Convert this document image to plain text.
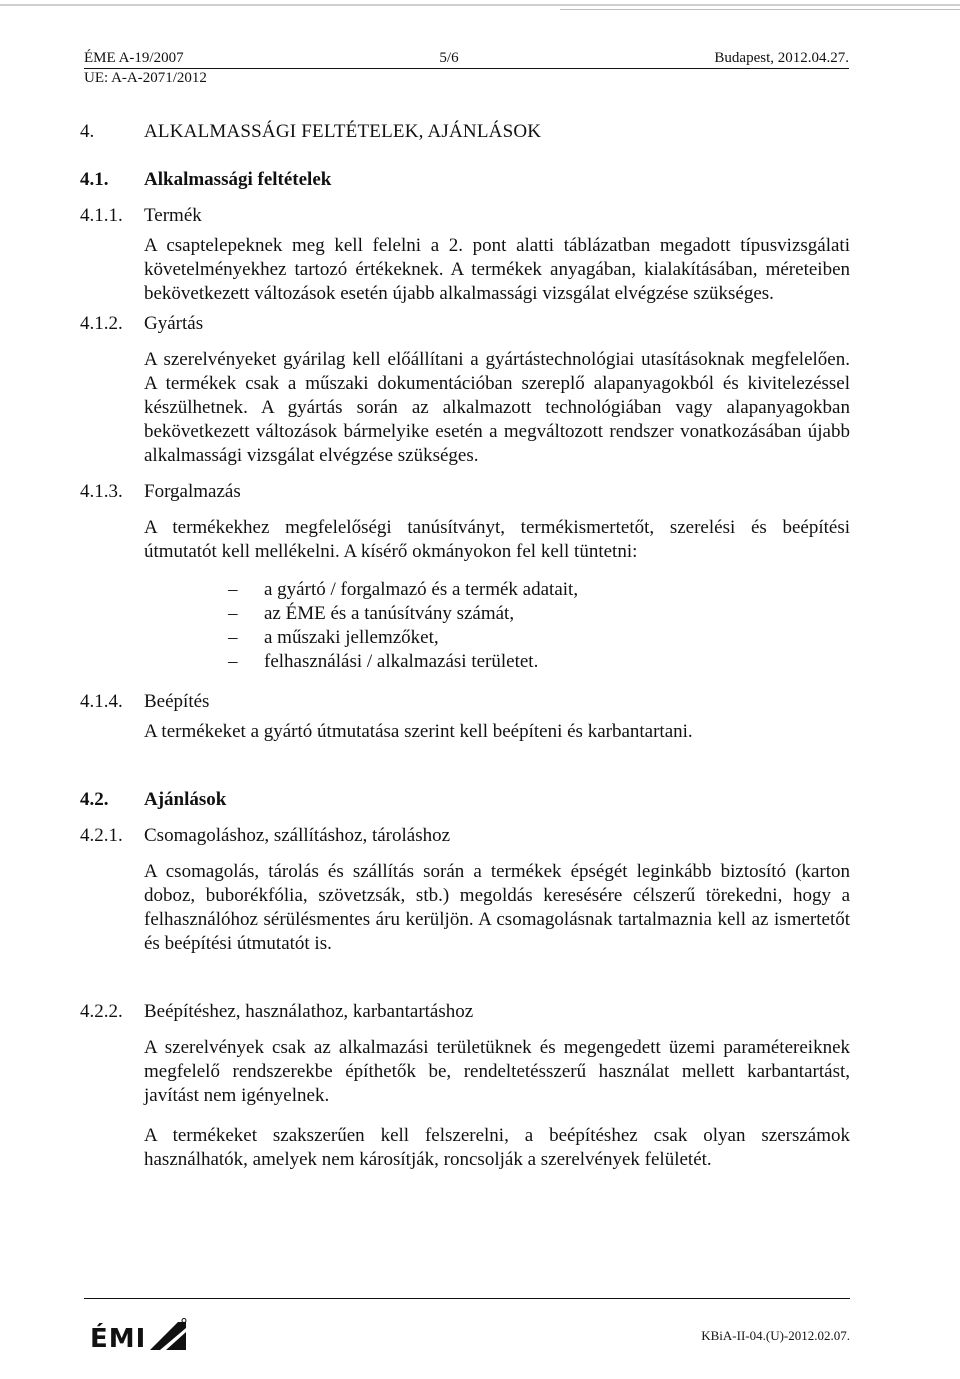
ÉME A-19/2007	5/6	Budapest, 2012.04.27.
UE: A-A-2071/2012
4.	ALKALMASSÁGI FELTÉTELEK, AJÁNLÁSOK
4.1.	Alkalmassági feltételek
4.1.1.	Termék
A csaptelepeknek meg kell felelni a 2. pont alatti táblázatban megadott típusvizsgálati követelményekhez tartozó értékeknek. A termékek anyagában, kialakításában, méreteiben bekövetkezett változások esetén újabb alkalmassági vizsgálat elvégzése szükséges.
4.1.2.	Gyártás
A szerelvényeket gyárilag kell előállítani a gyártástechnológiai utasításoknak megfelelően. A termékek csak a műszaki dokumentációban szereplő alapanyagokból és kivitelezéssel készülhetnek. A gyártás során az alkalmazott technológiában vagy alapanyagokban bekövetkezett változások bármelyike esetén a megváltozott rendszer vonatkozásában újabb alkalmassági vizsgálat elvégzése szükséges.
4.1.3.	Forgalmazás
A termékekhez megfelelőségi tanúsítványt, termékismertetőt, szerelési és beépítési útmutatót kell mellékelni. A kísérő okmányokon fel kell tüntetni:
–	a gyártó / forgalmazó és a termék adatait,
–	az ÉME és a tanúsítvány számát,
–	a műszaki jellemzőket,
–	felhasználási / alkalmazási területet.
4.1.4.	Beépítés
A termékeket a gyártó útmutatása szerint kell beépíteni és karbantartani.
4.2.	Ajánlások
4.2.1.	Csomagoláshoz, szállításhoz, tároláshoz
A csomagolás, tárolás és szállítás során a termékek épségét leginkább biztosító (karton doboz, buborékfólia, szövetzsák, stb.) megoldás keresésére célszerű törekedni, hogy a felhasználóhoz sérülésmentes áru kerüljön. A csomagolásnak tartalmaznia kell az ismertetőt és beépítési útmutatót is.
4.2.2.	Beépítéshez, használathoz, karbantartáshoz
A szerelvények csak az alkalmazási területüknek és megengedett üzemi paramétereiknek megfelelő rendszerekbe építhetők be, rendeltetésszerű használat mellett karbantartást, javítást nem igényelnek.
A termékeket szakszerűen kell felszerelni, a beépítéshez csak olyan szerszámok használhatók, amelyek nem károsítják, roncsolják a szerelvények felületét.
ÉMI	KBiA-II-04.(U)-2012.02.07.
